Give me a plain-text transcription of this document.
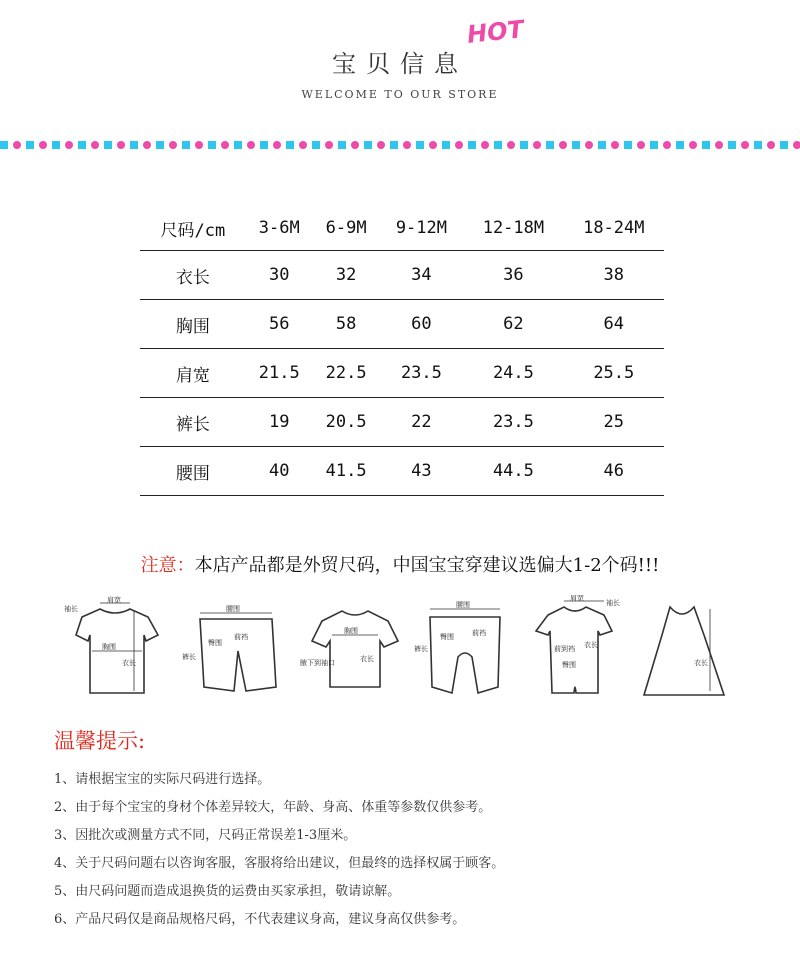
宝贝信息
HOT
WELCOME TO OUR STORE
尺码/cm	3-6M	6-9M	9-12M	12-18M	18-24M
衣长	30	32	34	36	38
胸围	56	58	60	62	64
肩宽	21.5	22.5	23.5	24.5	25.5
裤长	19	20.5	22	23.5	25
腰围	40	41.5	43	44.5	46
注意：本店产品都是外贸尺码，中国宝宝穿建议选偏大1-2个码!!!
肩宽
袖长
胸围
衣长
腰围
臀围
前裆
裤长
胸围
腋下到袖口	衣长
腰围
臀围	前裆
裤长
肩宽
袖长
前到裆 衣长
臀围	衣长
温馨提示:
1、请根据宝宝的实际尺码进行选择。
2、由于每个宝宝的身材个体差异较大，年龄、身高、体重等参数仅供参考。
3、因批次或测量方式不同，尺码正常误差1-3厘米。
4、关于尺码问题右以咨询客服，客服将给出建议，但最终的选择权属于顾客。
5、由尺码问题而造成退换货的运费由买家承担，敬请谅解。
6、产品尺码仅是商品规格尺码，不代表建议身高，建议身高仅供参考。
